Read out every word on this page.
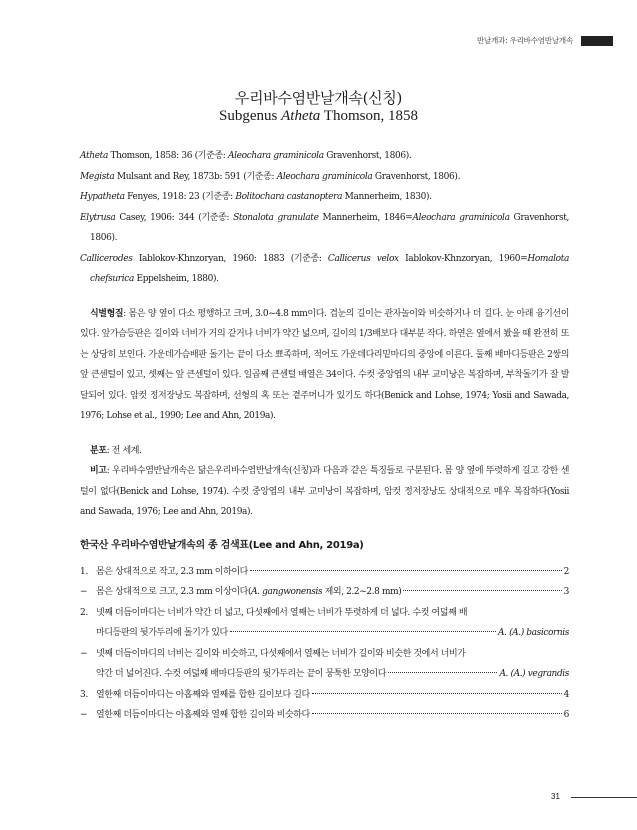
반날개과: 우리바수염반날개속
우리바수염반날개속(신칭)
Subgenus Atheta Thomson, 1858

Atheta Thomson, 1858: 36 (기준종: Aleochara graminicola Gravenhorst, 1806).

Megista Mulsant and Rey, 1873b: 591 (기준종: Aleochara graminicola Gravenhorst, 1806).

Hypatheta Fenyes, 1918: 23 (기준종: Bolitochara castanoptera Mannerheim, 1830).

Elytrusa Casey, 1906: 344 (기준종: Stonalota granulate Mannerheim, 1846=Aleochara graminicola Gravenhorst, 1806).

Callicerodes Iablokov-Khnzoryan, 1960: 1883 (기준종: Callicerus velox Iablokov-Khnzoryan, 1960=Homalota chefsurica Eppelsheim, 1880).

식별형질: 몸은 양 옆이 다소 평행하고 크며, 3.0~4.8 mm이다. 겹눈의 길이는 관자놀이와 비슷하거나 더 길다. 눈 아래 융기선이 있다. 앞가슴등판은 길이와 너비가 거의 같거나 너비가 약간 넓으며, 길이의 1/3배보다 대부분 작다. 하연은 옆에서 봤을 때 완전히 또는 상당히 보인다. 가운데가슴배판 돌기는 끝이 다소 뾰족하며, 적어도 가운데다리밑마디의 중앙에 이른다. 둘째 배마디등판은 2쌍의 앞 큰센털이 있고, 셋째는 앞 큰센털이 있다. 일곱째 큰센털 배열은 34이다. 수컷 중앙엽의 내부 교미낭은 복잡하며, 부착돌기가 잘 발달되어 있다. 암컷 정저장낭도 복잡하며, 선형의 혹 또는 곁주머니가 있기도 하다(Benick and Lohse, 1974; Yosii and Sawada, 1976; Lohse et al., 1990; Lee and Ahn, 2019a).

분포: 전 세계.

비고: 우리바수염반날개속은 닮은우리바수염반날개속(신칭)과 다음과 같은 특징들로 구분된다. 몸 양 옆에 뚜렷하게 길고 강한 센털이 없다(Benick and Lohse, 1974). 수컷 중앙엽의 내부 교미낭이 복잡하며, 암컷 정저장낭도 상대적으로 매우 복잡하다(Yosii and Sawada, 1976; Lee and Ahn, 2019a).

한국산 우리바수염반날개속의 종 검색표(Lee and Ahn, 2019a)

1. 몸은 상대적으로 작고, 2.3 mm 이하이다	2
− 몸은 상대적으로 크고, 2.3 mm 이상이다(A. gangwonensis 제외, 2.2~2.8 mm)	3
2. 넷째 더듬이마디는 너비가 약간 더 넓고, 다섯째에서 열째는 너비가 뚜렷하게 더 넓다. 수컷 여덟째 배
마디등판의 뒷가두리에 돌기가 있다	A. (A.) basicornis
− 넷째 더듬이마디의 너비는 길이와 비슷하고, 다섯째에서 열째는 너비가 길이와 비슷한 것에서 너비가
약간 더 넓어진다. 수컷 여덟째 배마디등판의 뒷가두리는 끝이 뭉툭한 모양이다	A. (A.) vegrandis
3. 열한째 더듬이마디는 아홉째와 열째를 합한 길이보다 길다	4
− 열한째 더듬이마디는 아홉째와 열째 합한 길이와 비슷하다	6
31
